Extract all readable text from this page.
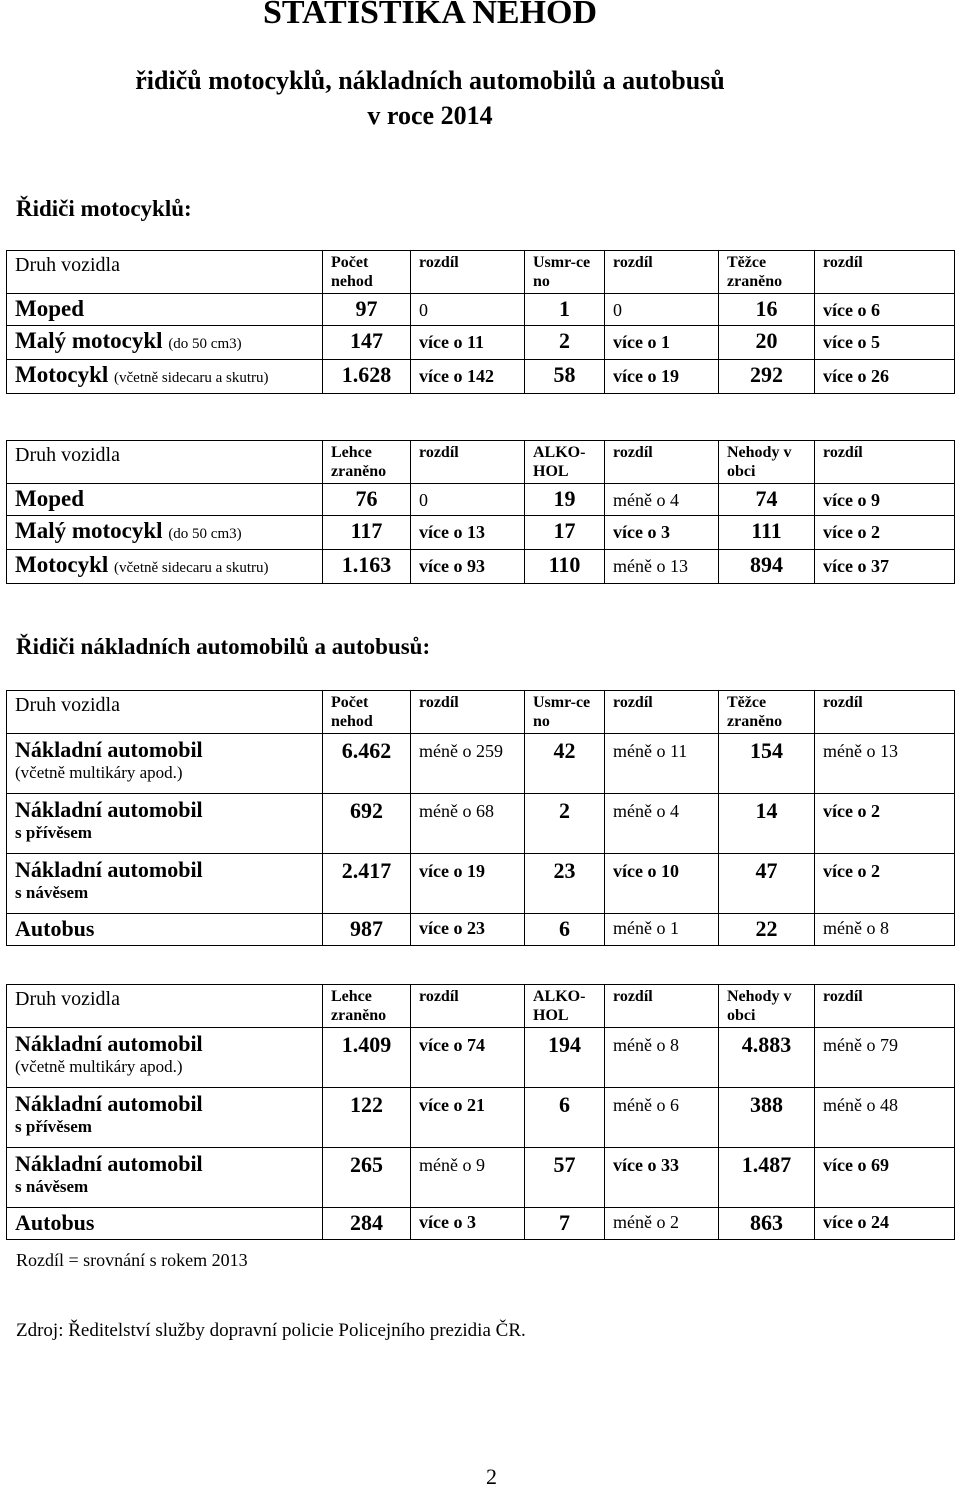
STATISTIKA NEHOD
řidičů motocyklů, nákladních automobilů a autobusů
v roce 2014
Řidiči motocyklů:
Druh vozidla	Počet nehod	rozdíl	Usmr-ceno	rozdíl	Těžce zraněno	rozdíl
Moped	97	0	1	0	16	více o 6
Malý motocykl (do 50 cm3)	147	více o 11	2	více o 1	20	více o 5
Motocykl (včetně sidecaru a skutru)	1.628	více o 142	58	více o 19	292	více o 26
Druh vozidla	Lehce zraněno	rozdíl	ALKO-HOL	rozdíl	Nehody v obci	rozdíl
Moped	76	0	19	méně o 4	74	více o 9
Malý motocykl (do 50 cm3)	117	více o 13	17	více o 3	111	více o 2
Motocykl (včetně sidecaru a skutru)	1.163	více o 93	110	méně o 13	894	více o 37
Řidiči nákladních automobilů a autobusů:
Druh vozidla	Počet nehod	rozdíl	Usmr-ceno	rozdíl	Těžce zraněno	rozdíl
Nákladní automobil
(včetně multikáry apod.)	6.462	méně o 259	42	méně o 11	154	méně o 13
Nákladní automobil
s přívěsem	692	méně o 68	2	méně o 4	14	více o 2
Nákladní automobil
s návěsem	2.417	více o 19	23	více o 10	47	více o 2
Autobus	987	více o 23	6	méně o 1	22	méně o 8
Druh vozidla	Lehce zraněno	rozdíl	ALKO-HOL	rozdíl	Nehody v obci	rozdíl
Nákladní automobil
(včetně multikáry apod.)	1.409	více o 74	194	méně o 8	4.883	méně o 79
Nákladní automobil
s přívěsem	122	více o 21	6	méně o 6	388	méně o 48
Nákladní automobil
s návěsem	265	méně o 9	57	více o 33	1.487	více o 69
Autobus	284	více o 3	7	méně o 2	863	více o 24
Rozdíl = srovnání s rokem 2013
Zdroj: Ředitelství služby dopravní policie Policejního prezidia ČR.
2
